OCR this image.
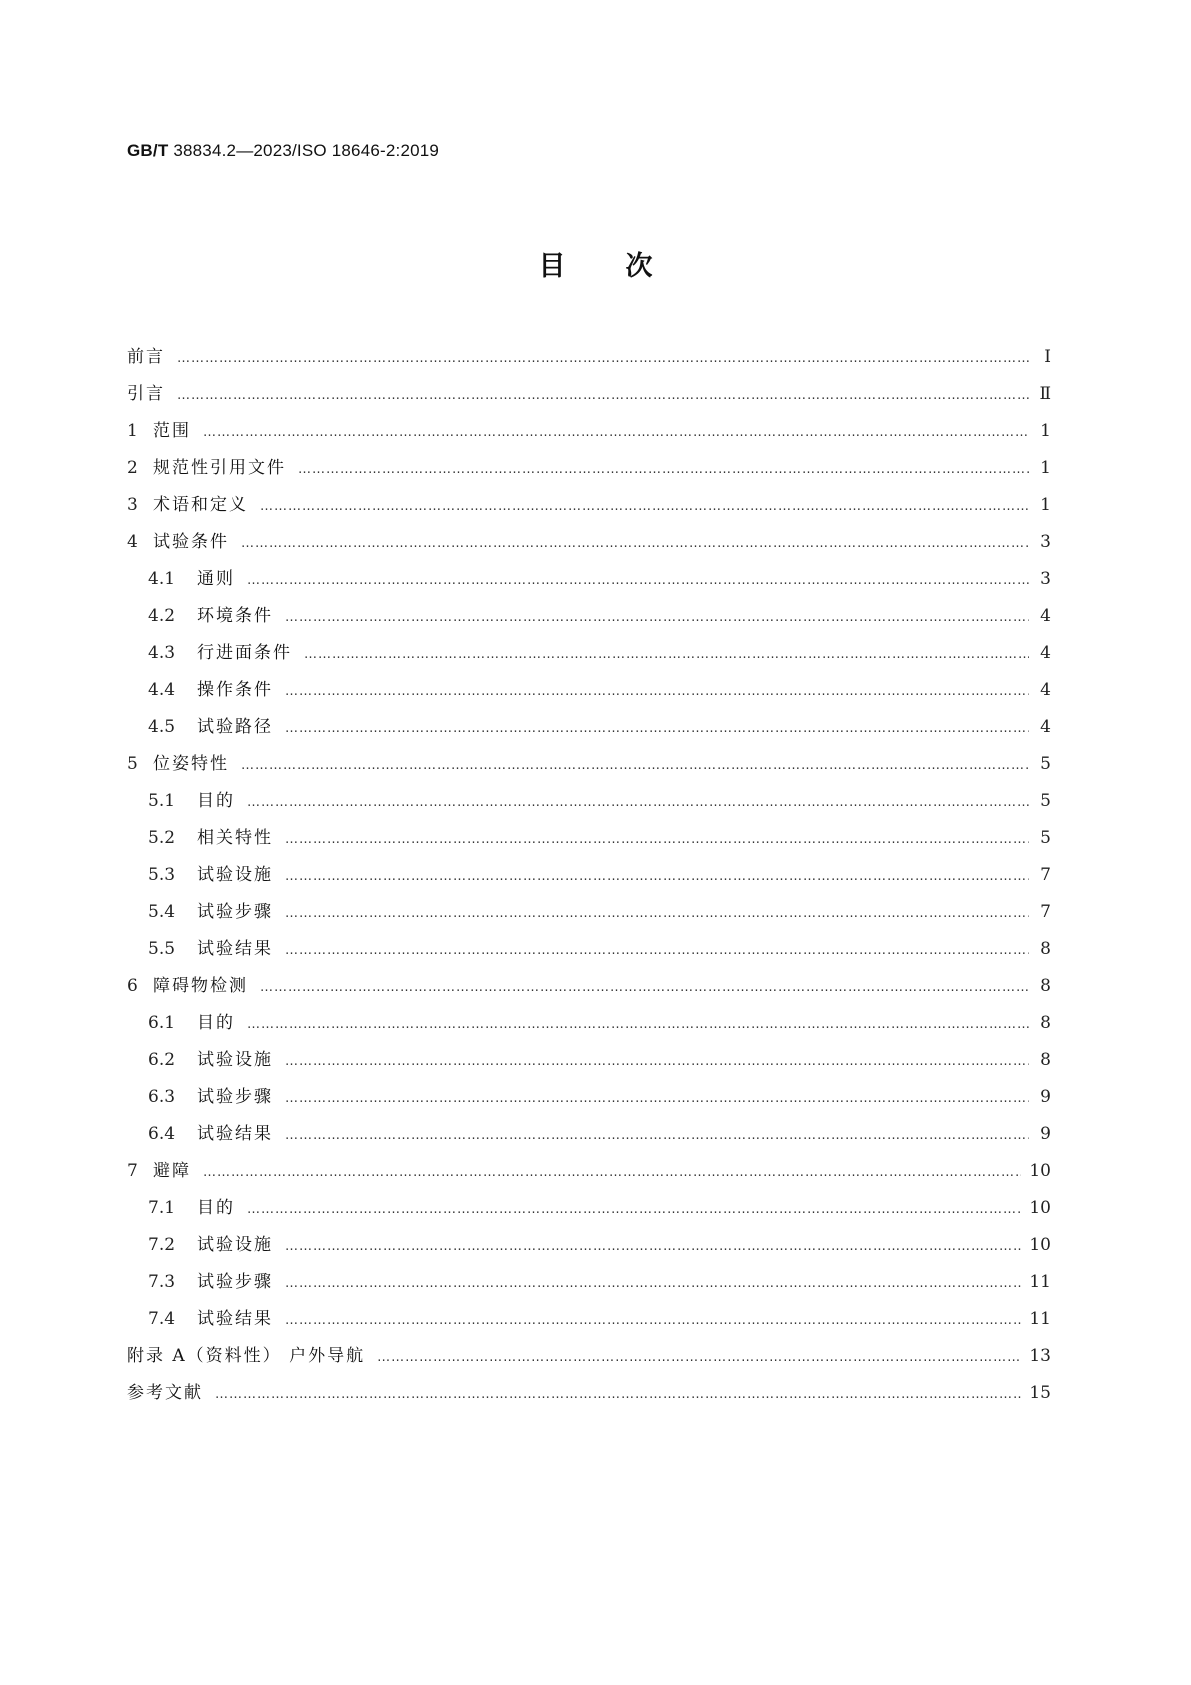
GB/T 38834.2—2023/ISO 18646-2:2019
目次
前言 ……………………………………………………………………………………………………………………………………………………………………………………………………………………………………………………………………	Ⅰ
引言 ……………………………………………………………………………………………………………………………………………………………………………………………………………………………………………………………………	Ⅱ
1 范围 ……………………………………………………………………………………………………………………………………………………………………………………………………………………………………………………………………	1
2 规范性引用文件 ……………………………………………………………………………………………………………………………………………………………………………………………………………………………………………………………………	1
3 术语和定义 ……………………………………………………………………………………………………………………………………………………………………………………………………………………………………………………………………	1
4 试验条件 ……………………………………………………………………………………………………………………………………………………………………………………………………………………………………………………………………	3
4.1	通则 ……………………………………………………………………………………………………………………………………………………………………………………………………………………………………………………………………	3
4.2	环境条件 ……………………………………………………………………………………………………………………………………………………………………………………………………………………………………………………………………	4
4.3	行进面条件 ……………………………………………………………………………………………………………………………………………………………………………………………………………………………………………………………………	4
4.4	操作条件 ……………………………………………………………………………………………………………………………………………………………………………………………………………………………………………………………………	4
4.5	试验路径 ……………………………………………………………………………………………………………………………………………………………………………………………………………………………………………………………………	4
5 位姿特性 ……………………………………………………………………………………………………………………………………………………………………………………………………………………………………………………………………	5
5.1	目的 ……………………………………………………………………………………………………………………………………………………………………………………………………………………………………………………………………	5
5.2	相关特性 ……………………………………………………………………………………………………………………………………………………………………………………………………………………………………………………………………	5
5.3	试验设施 ……………………………………………………………………………………………………………………………………………………………………………………………………………………………………………………………………	7
5.4	试验步骤 ……………………………………………………………………………………………………………………………………………………………………………………………………………………………………………………………………	7
5.5	试验结果 ……………………………………………………………………………………………………………………………………………………………………………………………………………………………………………………………………	8
6 障碍物检测 ……………………………………………………………………………………………………………………………………………………………………………………………………………………………………………………………………	8
6.1	目的 ……………………………………………………………………………………………………………………………………………………………………………………………………………………………………………………………………	8
6.2	试验设施 ……………………………………………………………………………………………………………………………………………………………………………………………………………………………………………………………………	8
6.3	试验步骤 ……………………………………………………………………………………………………………………………………………………………………………………………………………………………………………………………………	9
6.4	试验结果 ……………………………………………………………………………………………………………………………………………………………………………………………………………………………………………………………………	9
7 避障 ……………………………………………………………………………………………………………………………………………………………………………………………………………………………………………………………………	10
7.1	目的 ……………………………………………………………………………………………………………………………………………………………………………………………………………………………………………………………………	10
7.2	试验设施 ……………………………………………………………………………………………………………………………………………………………………………………………………………………………………………………………………	10
7.3	试验步骤 ……………………………………………………………………………………………………………………………………………………………………………………………………………………………………………………………………	11
7.4	试验结果 ……………………………………………………………………………………………………………………………………………………………………………………………………………………………………………………………………	11
附录 A（资料性） 户外导航 ……………………………………………………………………………………………………………………………………………………………………………………………………………………………………………………………………	13
参考文献 ……………………………………………………………………………………………………………………………………………………………………………………………………………………………………………………………………	15
